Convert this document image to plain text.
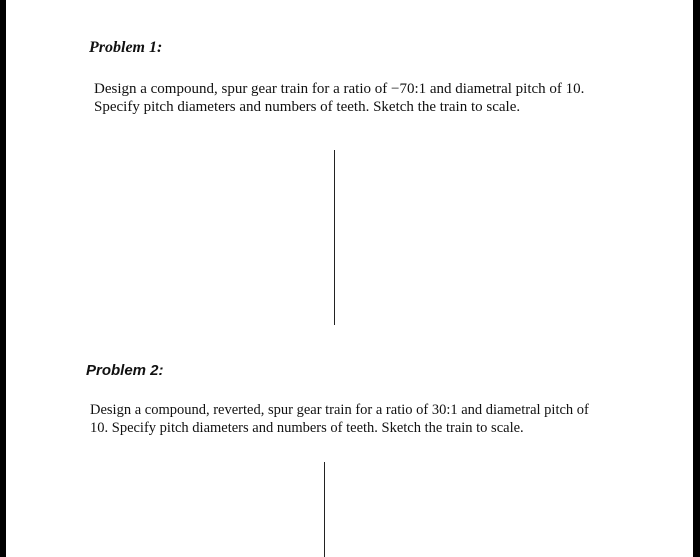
Problem 1:
Design a compound, spur gear train for a ratio of −70:1 and diametral pitch of 10.
Specify pitch diameters and numbers of teeth. Sketch the train to scale.
Problem 2:
Design a compound, reverted, spur gear train for a ratio of 30:1 and diametral pitch of
10. Specify pitch diameters and numbers of teeth. Sketch the train to scale.
